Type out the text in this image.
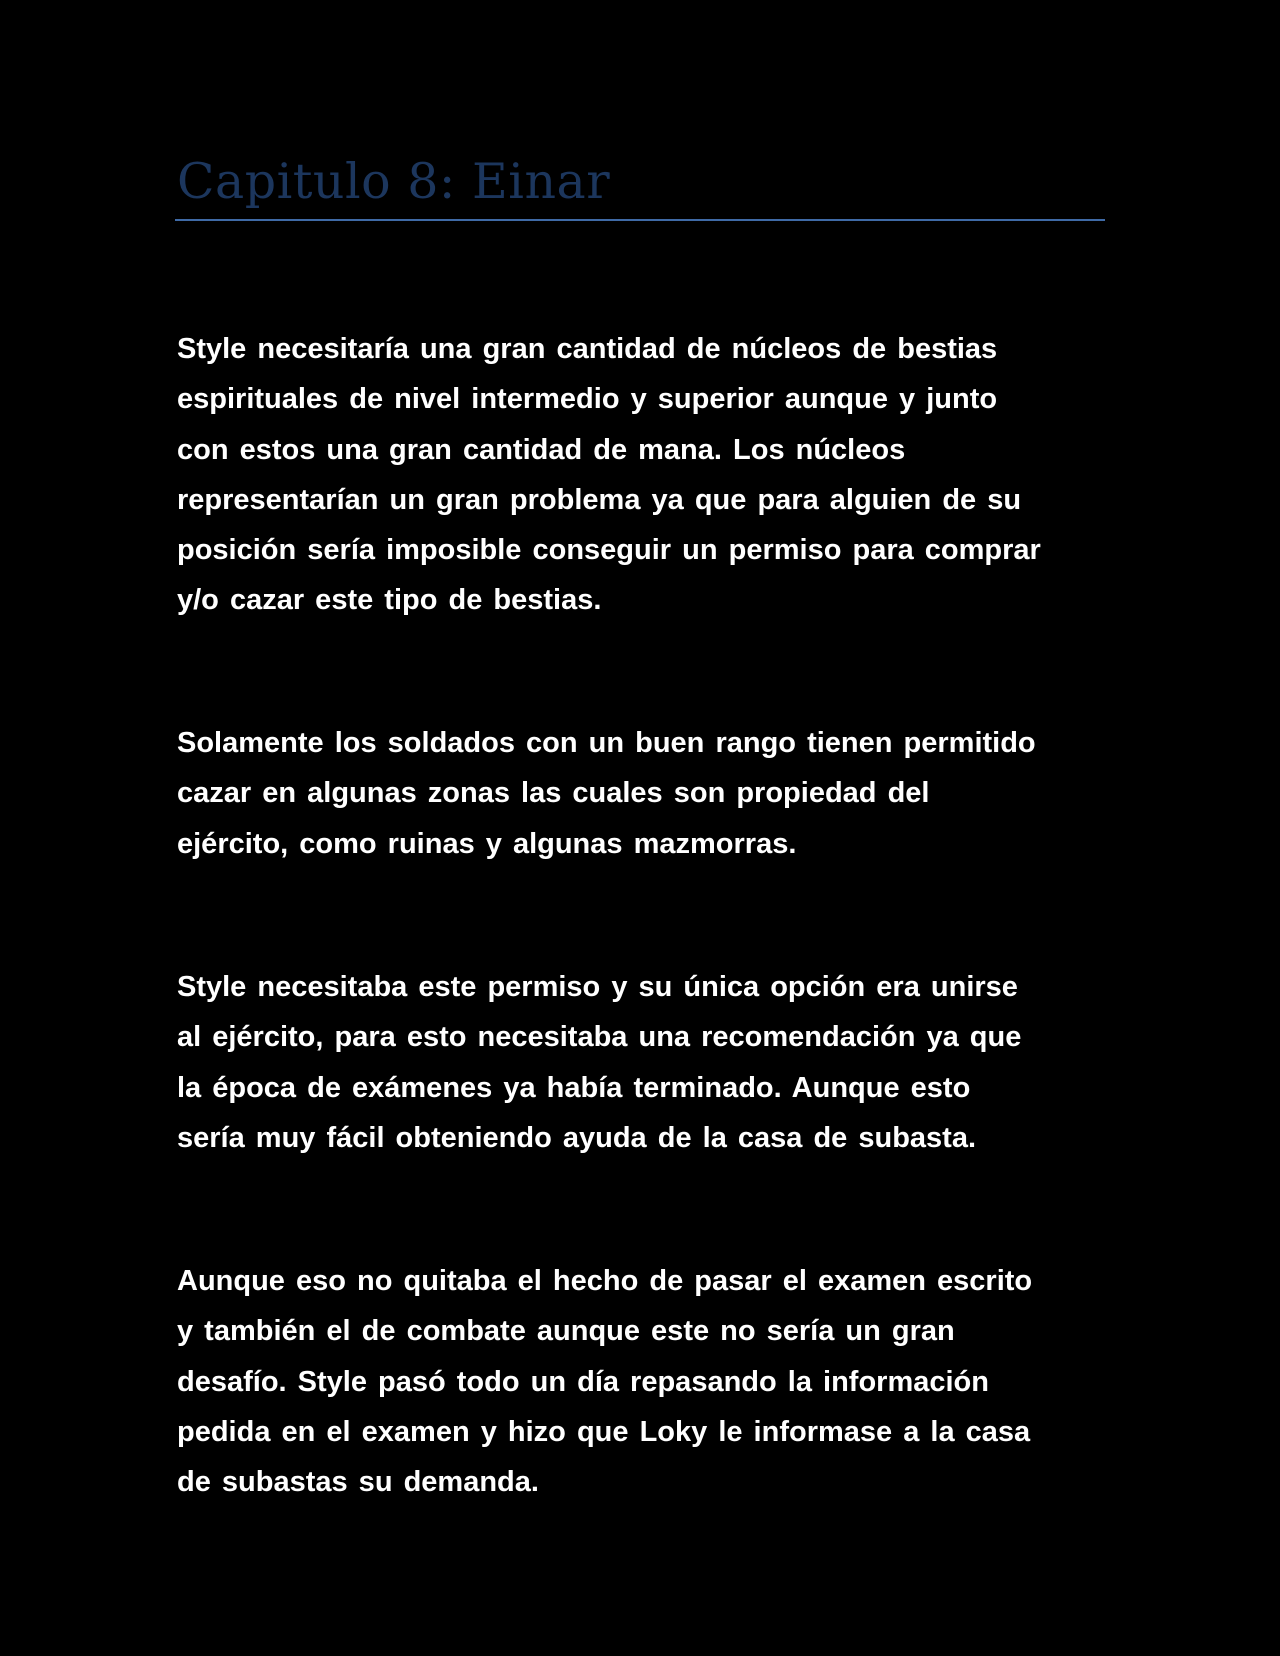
Capitulo 8: Einar
Style necesitaría una gran cantidad de núcleos de bestias
espirituales de nivel intermedio y superior aunque y junto
con estos una gran cantidad de mana. Los núcleos
representarían un gran problema ya que para alguien de su
posición sería imposible conseguir un permiso para comprar
y/o cazar este tipo de bestias.
Solamente los soldados con un buen rango tienen permitido
cazar en algunas zonas las cuales son propiedad del
ejército, como ruinas y algunas mazmorras.
Style necesitaba este permiso y su única opción era unirse
al ejército, para esto necesitaba una recomendación ya que
la época de exámenes ya había terminado. Aunque esto
sería muy fácil obteniendo ayuda de la casa de subasta.
Aunque eso no quitaba el hecho de pasar el examen escrito
y también el de combate aunque este no sería un gran
desafío. Style pasó todo un día repasando la información
pedida en el examen y hizo que Loky le informase a la casa
de subastas su demanda.
